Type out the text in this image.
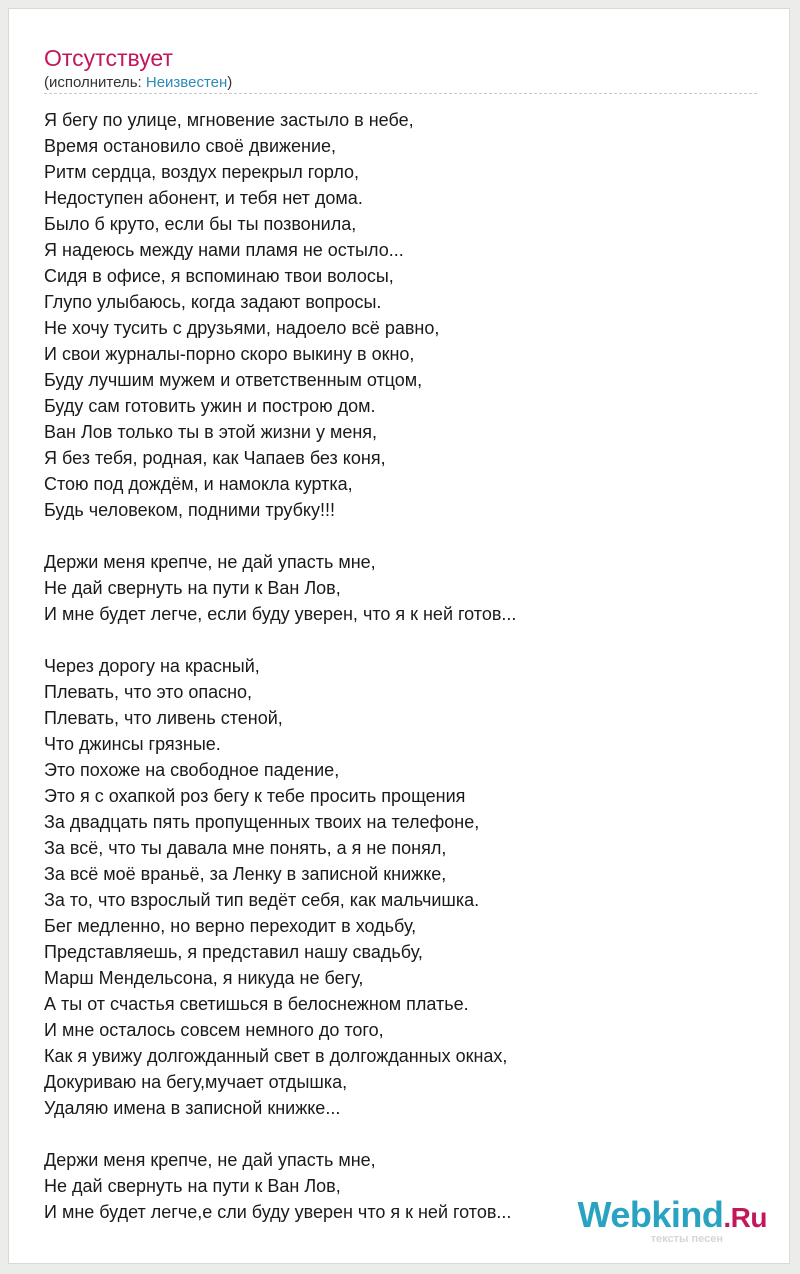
Отсутствует
(исполнитель: Неизвестен)
Я бегу по улице, мгновение застыло в небе,
Время остановило своё движение,
Ритм сердца, воздух перекрыл горло,
Недоступен абонент, и тебя нет дома.
Было б круто, если бы ты позвонила,
Я надеюсь между нами пламя не остыло...
Сидя в офисе, я вспоминаю твои волосы,
Глупо улыбаюсь, когда задают вопросы.
Не хочу тусить с друзьями, надоело всё равно,
И свои журналы-порно скоро выкину в окно,
Буду лучшим мужем и ответственным отцом,
Буду сам готовить ужин и построю дом.
Ван Лов только ты в этой жизни у меня,
Я без тебя, родная, как Чапаев без коня,
Стою под дождём, и намокла куртка,
Будь человеком, подними трубку!!!
Держи меня крепче, не дай упасть мне,
Не дай свернуть на пути к Ван Лов,
И мне будет легче, если буду уверен, что я к ней готов...
Через дорогу на красный,
Плевать, что это опасно,
Плевать, что ливень стеной,
Что джинсы грязные.
Это похоже на свободное падение,
Это я с охапкой роз бегу к тебе просить прощения
За двадцать пять пропущенных твоих на телефоне,
За всё, что ты давала мне понять, а я не понял,
За всё моё враньё, за Ленку в записной книжке,
За то, что взрослый тип ведёт себя, как мальчишка.
Бег медленно, но верно переходит в ходьбу,
Представляешь, я представил нашу свадьбу,
Марш Мендельсона, я никуда не бегу,
А ты от счастья светишься в белоснежном платье.
И мне осталось совсем немного до того,
Как я увижу долгожданный свет в долгожданных окнах,
Докуриваю на бегу,мучает отдышка,
Удаляю имена в записной книжке...
Держи меня крепче, не дай упасть мне,
Не дай свернуть на пути к Ван Лов,
И мне будет легче,е сли буду уверен что я к ней готов...	Webkind.Ru
тексты песен
